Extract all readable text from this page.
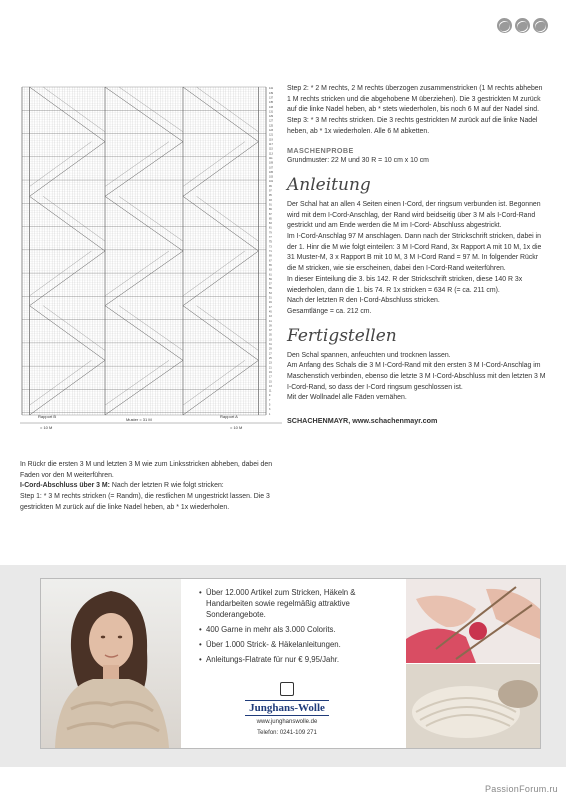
1
3
5
7
9
11
13
15
17
19
21
23
25
27
29
31
33
35
37
39
41
43
45
47
49
51
53
55
57
59
61
63
65
67
69
71
73
75
77
79
81
83
85
87
89
91
93
95
97
99
101
103
105
107
109
111
113
115
117
119
121
123
125
127
129
131
133
135
137
139
141
Rapport B
= 10 M
Muster = 31 M
Rapport A
= 10 M

In Rückr die ersten 3 M und letzten 3 M wie zum Linksstricken abheben, dabei den Faden vor den M weiterführen.

I-Cord-Abschluss über 3 M: Nach der letzten R wie folgt stricken:

Step 1: * 3 M rechts stricken (= Randm), die restlichen M ungestrickt lassen. Die 3 gestrickten M zurück auf die linke Nadel heben, ab * 1x wiederholen.

Step 2: * 2 M rechts, 2 M rechts überzogen zusammenstricken (1 M rechts abheben 1 M rechts stricken und die abgehobene M überziehen). Die 3 gestrickten M zurück auf die linke Nadel heben, ab * stets wiederholen, bis noch 6 M auf der Nadel sind.

Step 3: * 3 M rechts stricken. Die 3 rechts gestrickten M zurück auf die linke Nadel heben, ab * 1x wiederholen. Alle 6 M abketten.

MASCHENPROBE

Grundmuster: 22 M und 30 R = 10 cm x 10 cm

Anleitung

Der Schal hat an allen 4 Seiten einen I-Cord, der ringsum verbunden ist. Begonnen wird mit dem I-Cord-Anschlag, der Rand wird beidseitig über 3 M als I-Cord-Rand gestrickt und am Ende werden die M im I-Cord- Abschluss abgestrickt.

Im I-Cord-Anschlag 97 M anschlagen. Dann nach der Strickschrift stricken, dabei in der 1. Hinr die M wie folgt einteilen: 3 M I-Cord Rand, 3x Rapport A mit 10 M, 1x die 31 Muster-M, 3 x Rapport B mit 10 M, 3 M I-Cord Rand = 97 M. In folgender Rückr die M stricken, wie sie erscheinen, dabei den I-Cord-Rand weiterführen.

In dieser Einteilung die 3. bis 142. R der Strickschrift stricken, diese 140 R 3x wiederholen, dann die 1. bis 74. R 1x stricken = 634 R (= ca. 211 cm).

Nach der letzten R den I-Cord-Abschluss stricken.

Gesamtlänge = ca. 212 cm.

Fertigstellen

Den Schal spannen, anfeuchten und trocknen lassen.

Am Anfang des Schals die 3 M I-Cord-Rand mit den ersten 3 M I-Cord-Anschlag im Maschenstich verbinden, ebenso die letzte 3 M I-Cord-Abschluss mit den letzten 3 M I-Cord-Rand, so dass der I-Cord ringsum geschlossen ist.

Mit der Wollnadel alle Fäden vernähen.

SCHACHENMAYR, www.schachenmayr.com

• Über 12.000 Artikel zum Stricken, Häkeln & Handarbeiten sowie regelmäßig attraktive Sonderangebote.
• 400 Garne in mehr als 3.000 Colorits.
• Über 1.000 Strick- & Häkelanleitungen.
• Anleitungs-Flatrate für nur € 9,95/Jahr.
Junghans-Wolle
www.junghanswolle.de
Telefon: 0241-109 271
PassionForum.ru
